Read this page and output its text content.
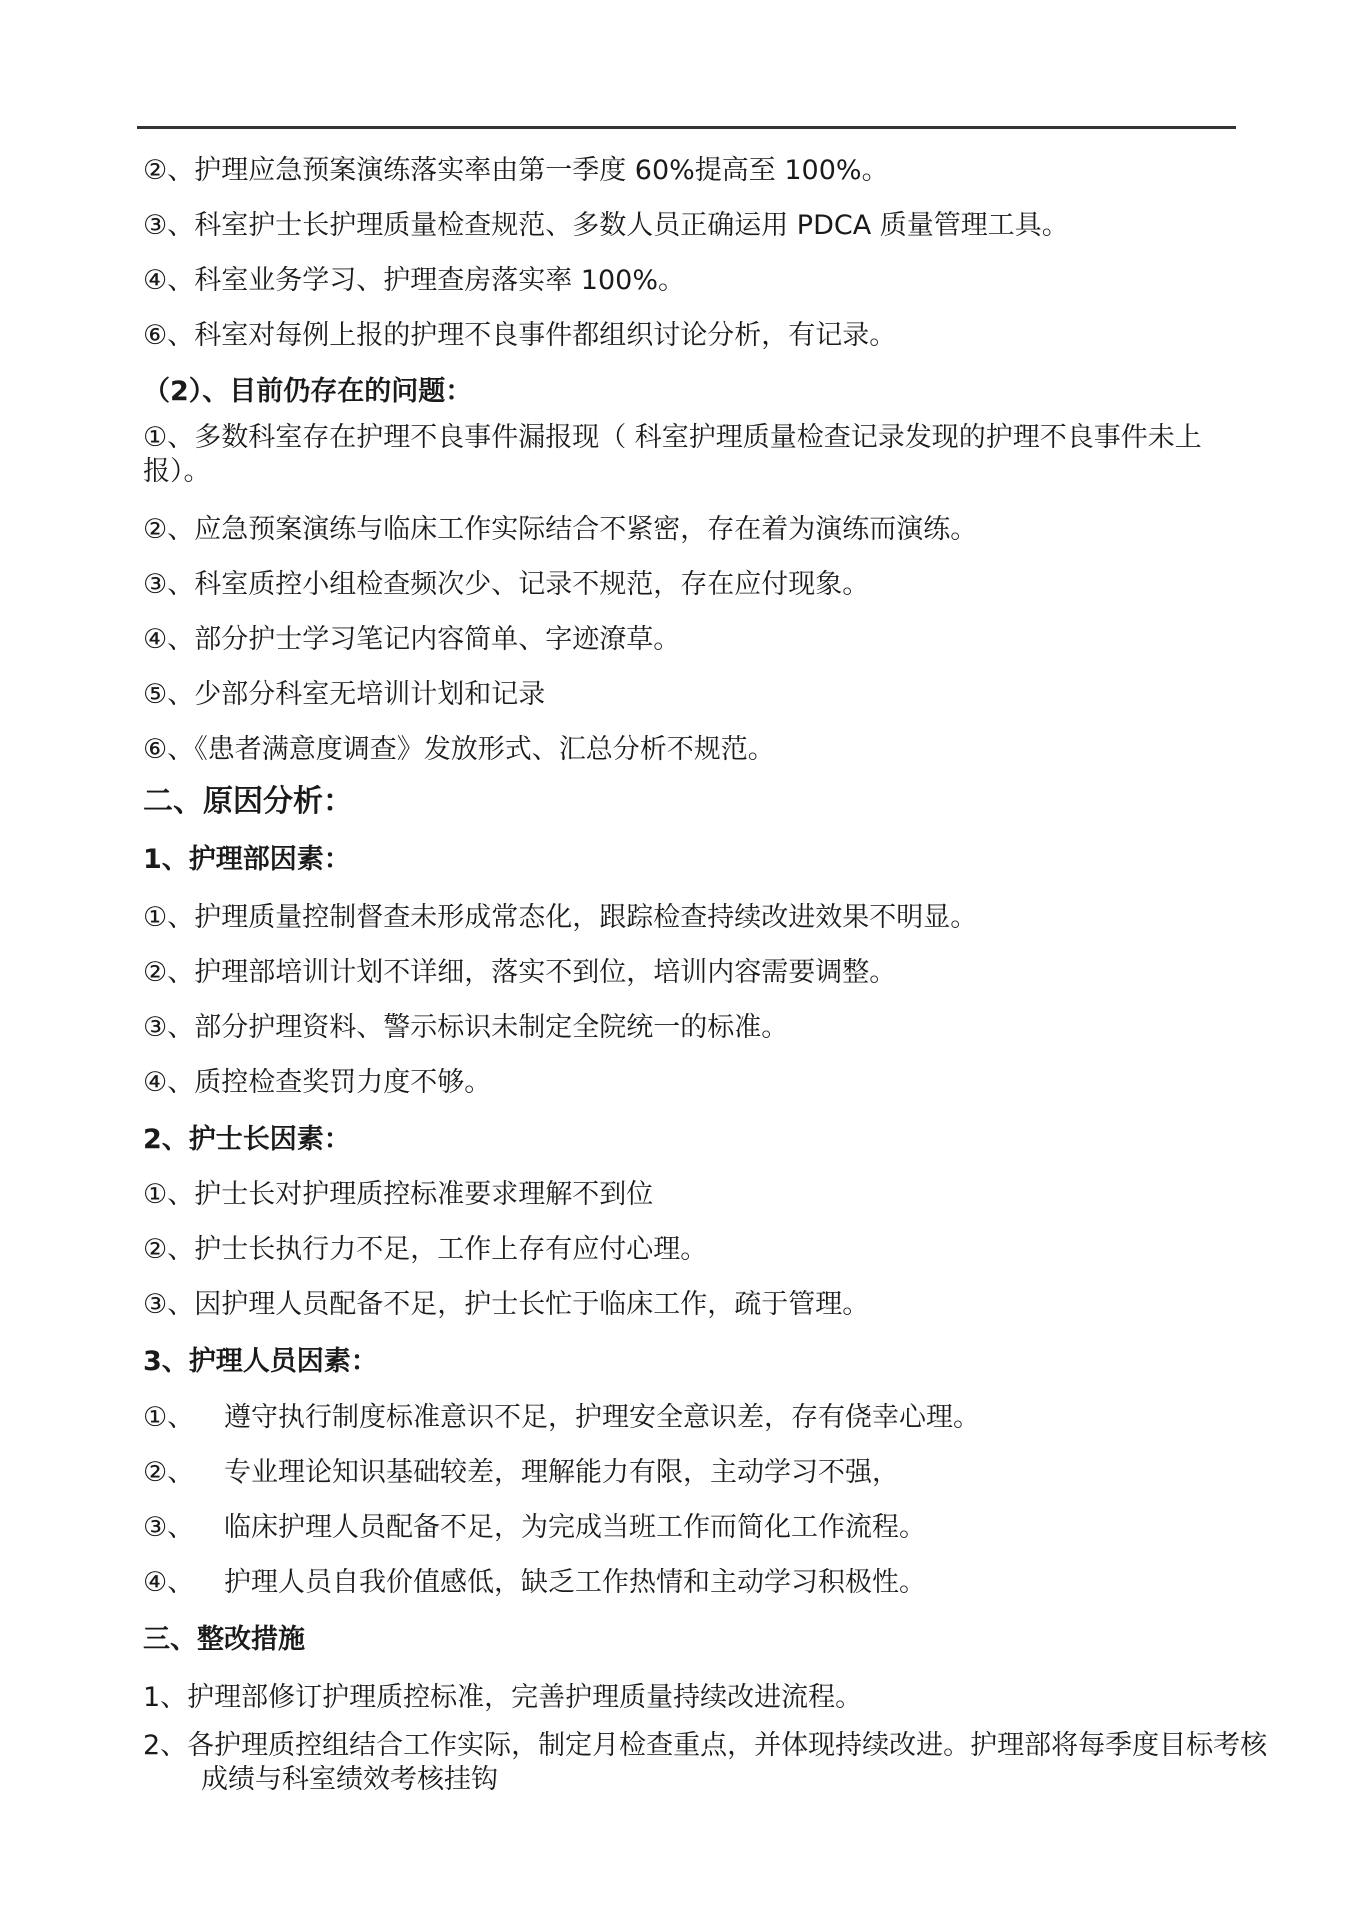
②、护理应急预案演练落实率由第一季度 60%提高至 100%。
③、科室护士长护理质量检查规范、多数人员正确运用 PDCA 质量管理工具。
④、科室业务学习、护理查房落实率 100%。
⑥、科室对每例上报的护理不良事件都组织讨论分析，有记录。
（2）、目前仍存在的问题：
①、多数科室存在护理不良事件漏报现（ 科室护理质量检查记录发现的护理不良事件未上报）。
②、应急预案演练与临床工作实际结合不紧密，存在着为演练而演练。
③、科室质控小组检查频次少、记录不规范，存在应付现象。
④、部分护士学习笔记内容简单、字迹潦草。
⑤、少部分科室无培训计划和记录
⑥、《患者满意度调查》发放形式、汇总分析不规范。
二、原因分析：
1、护理部因素：
①、护理质量控制督查未形成常态化，跟踪检查持续改进效果不明显。
②、护理部培训计划不详细，落实不到位，培训内容需要调整。
③、部分护理资料、警示标识未制定全院统一的标准。
④、质控检查奖罚力度不够。
2、护士长因素：
①、护士长对护理质控标准要求理解不到位
②、护士长执行力不足，工作上存有应付心理。
③、因护理人员配备不足，护士长忙于临床工作，疏于管理。
3、护理人员因素：
①、 遵守执行制度标准意识不足，护理安全意识差，存有侥幸心理。
②、 专业理论知识基础较差，理解能力有限，主动学习不强，
③、 临床护理人员配备不足，为完成当班工作而简化工作流程。
④、 护理人员自我价值感低，缺乏工作热情和主动学习积极性。
三、整改措施
1、护理部修订护理质控标准，完善护理质量持续改进流程。
2、各护理质控组结合工作实际，制定月检查重点，并体现持续改进。护理部将每季度目标考核成绩与科室绩效考核挂钩
